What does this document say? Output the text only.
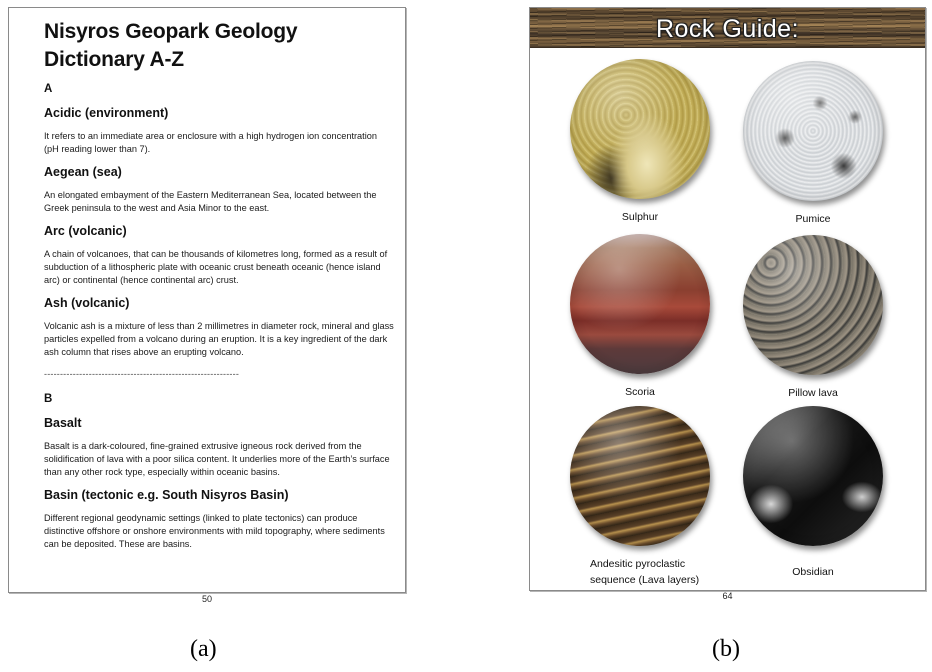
Nisyros Geopark Geology
Dictionary A-Z
A
Acidic (environment)
It refers to an immediate area or enclosure with a high hydrogen ion concentration (pH reading lower than 7).
Aegean (sea)
An elongated embayment of the Eastern Mediterranean Sea, located between the Greek peninsula to the west and Asia Minor to the east.
Arc (volcanic)
A chain of volcanoes, that can be thousands of kilometres long, formed as a result of subduction of a lithospheric plate with oceanic crust beneath oceanic (hence island arc) or continental (hence continental arc) crust.
Ash (volcanic)
Volcanic ash is a mixture of less than 2 millimetres in diameter rock, mineral and glass particles expelled from a volcano during an eruption. It is a key ingredient of the dark ash column that rises above an erupting volcano.
-------------------------------------------------------------
B
Basalt
Basalt is a dark-coloured, fine-grained extrusive igneous rock derived from the solidification of lava with a poor silica content. It underlies more of the Earth’s surface than any other rock type, especially within oceanic basins.
Basin (tectonic e.g. South Nisyros Basin)
Different regional geodynamic settings (linked to plate tectonics) can produce distinctive offshore or onshore environments with mild topography, where sediments can be deposited. These are basins.
50
Rock Guide:
Sulphur	Pumice
Scoria	Pillow lava
Andesitic pyroclastic
sequence (Lava layers)
Obsidian
64
(a)	(b)
